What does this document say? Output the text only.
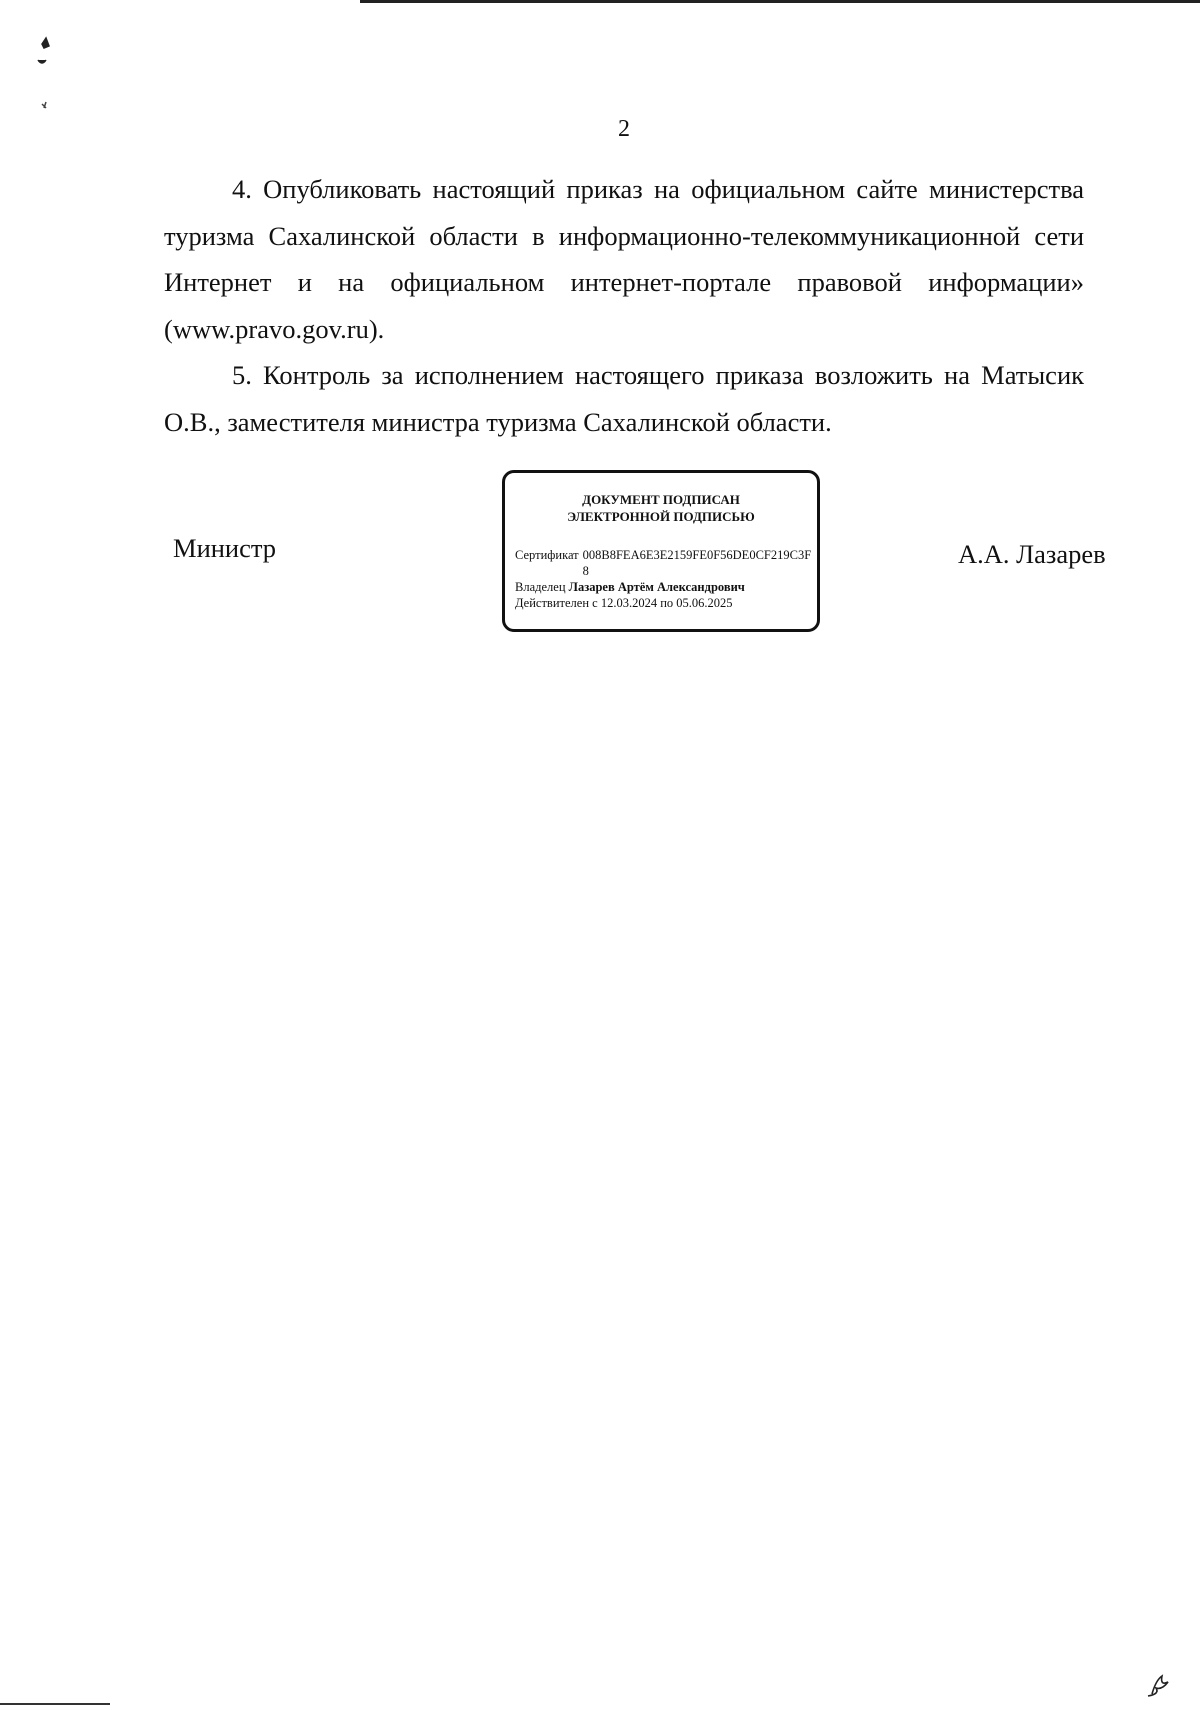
2

4. Опубликовать настоящий приказ на официальном сайте министерства туризма Сахалинской области в информационно-телекоммуникационной сети Интернет и на официальном интернет-портале правовой информации» (www.pravo.gov.ru).

5. Контроль за исполнением настоящего приказа возложить на Матысик О.В., заместителя министра туризма Сахалинской области.

Министр
ДОКУМЕНТ ПОДПИСАН
ЭЛЕКТРОННОЙ ПОДПИСЬЮ
Сертификат 008B8FEA6E3E2159FE0F56DE0CF219C3F8
Владелец Лазарев Артём Александрович
Действителен с 12.03.2024 по 05.06.2025
А.А. Лазарев
